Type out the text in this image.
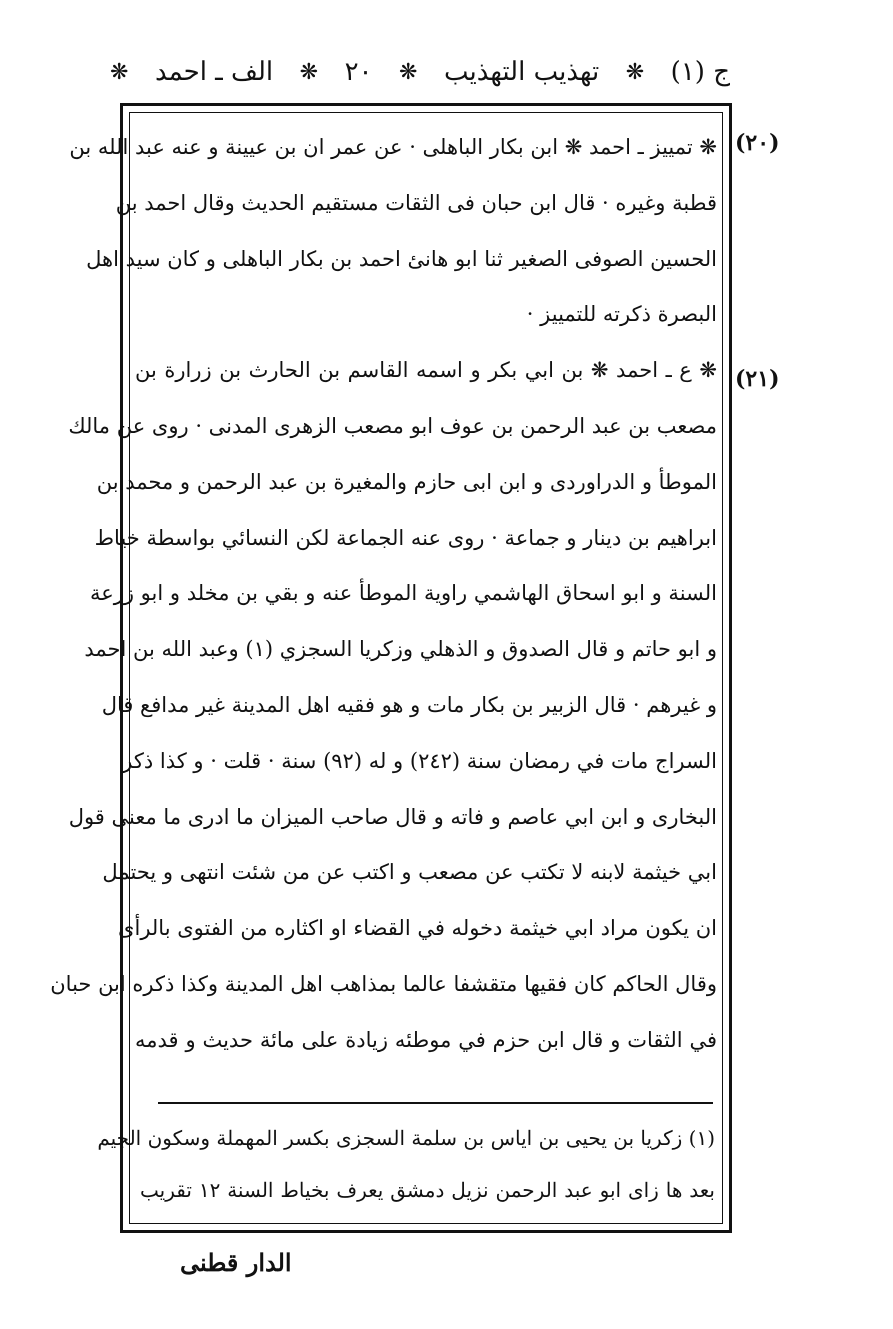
ج (١)
❋
تهذيب التهذيب
❋
٢٠
❋
الف ـ احمد
❋
(٢٠)
(٢١)
❋ تمييز ـ احمد ❋ ابن بكار الباهلى · عن عمر ان بن عيينة و عنه عبد الله بن
قطبة وغيره · قال ابن حبان فى الثقات مستقيم الحديث وقال احمد بن
الحسين الصوفى الصغير ثنا ابو هانئ احمد بن بكار الباهلى و كان سيد اهل
البصرة ذكرته للتمييز ·
❋ ع ـ احمد ❋ بن ابي بكر و اسمه القاسم بن الحارث بن زرارة بن
مصعب بن عبد الرحمن بن عوف ابو مصعب الزهرى المدنى · روى عن مالك
الموطأ و الدراوردى و ابن ابى حازم والمغيرة بن عبد الرحمن و محمد بن
ابراهيم بن دينار و جماعة · روى عنه الجماعة لكن النسائي بواسطة خياط
السنة و ابو اسحاق الهاشمي راوية الموطأ عنه و بقي بن مخلد و ابو زرعة
و ابو حاتم و قال الصدوق و الذهلي وزكريا السجزي (١) وعبد الله بن احمد
و غيرهم · قال الزبير بن بكار مات و هو فقيه اهل المدينة غير مدافع قال
السراج مات في رمضان سنة (٢٤٢) و له (٩٢) سنة · قلت · و كذا ذكر
البخارى و ابن ابي عاصم و فاته و قال صاحب الميزان ما ادرى ما معنى قول
ابي خيثمة لابنه لا تكتب عن مصعب و اكتب عن من شئت انتهى و يحتمل
ان يكون مراد ابي خيثمة دخوله في القضاء او اكثاره من الفتوى بالرأى
وقال الحاكم كان فقيها متقشفا عالما بمذاهب اهل المدينة وكذا ذكره ابن حبان
في الثقات و قال ابن حزم في موطئه زيادة على مائة حديث و قدمه
(١) زكريا بن يحيى بن اياس بن سلمة السجزى بكسر المهملة وسكون الجيم
بعد ها زاى ابو عبد الرحمن نزيل دمشق يعرف بخياط السنة ١٢ تقريب
الدار قطنى
